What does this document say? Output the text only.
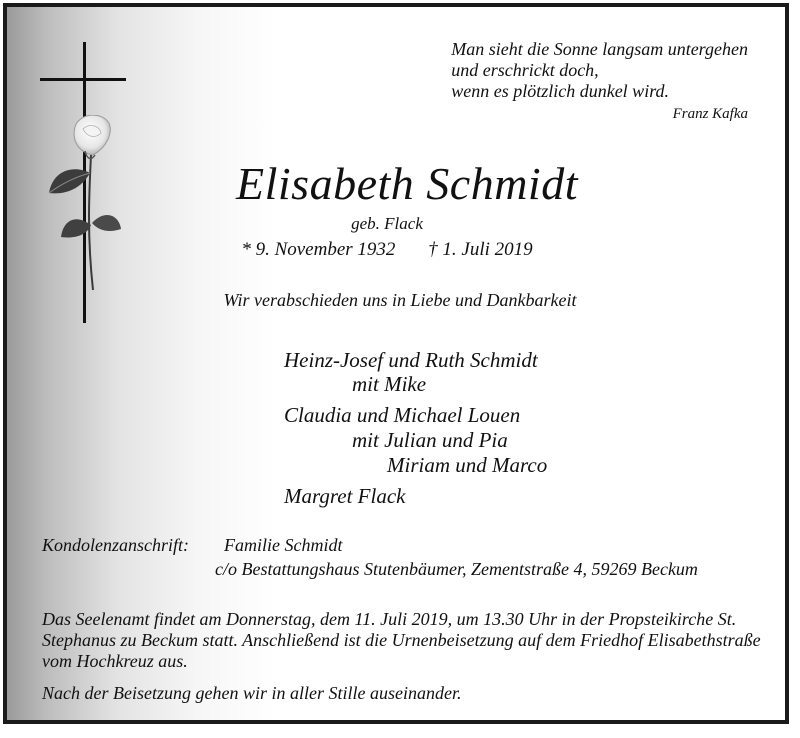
Man sieht die Sonne langsam untergehen
und erschrickt doch,
wenn es plötzlich dunkel wird.
Franz Kafka
Elisabeth Schmidt
geb. Flack
* 9. November 1932 † 1. Juli 2019
Wir verabschieden uns in Liebe und Dankbarkeit
Heinz-Josef und Ruth Schmidt
mit Mike
Claudia und Michael Louen
mit Julian und Pia
Miriam und Marco
Margret Flack
Kondolenzanschrift: Familie Schmidt
c/o Bestattungshaus Stutenbäumer, Zementstraße 4, 59269 Beckum
Das Seelenamt findet am Donnerstag, dem 11. Juli 2019, um 13.30 Uhr in der Propsteikirche St. Stephanus zu Beckum statt. Anschließend ist die Urnenbeisetzung auf dem Friedhof Elisabethstraße vom Hochkreuz aus.
Nach der Beisetzung gehen wir in aller Stille auseinander.
